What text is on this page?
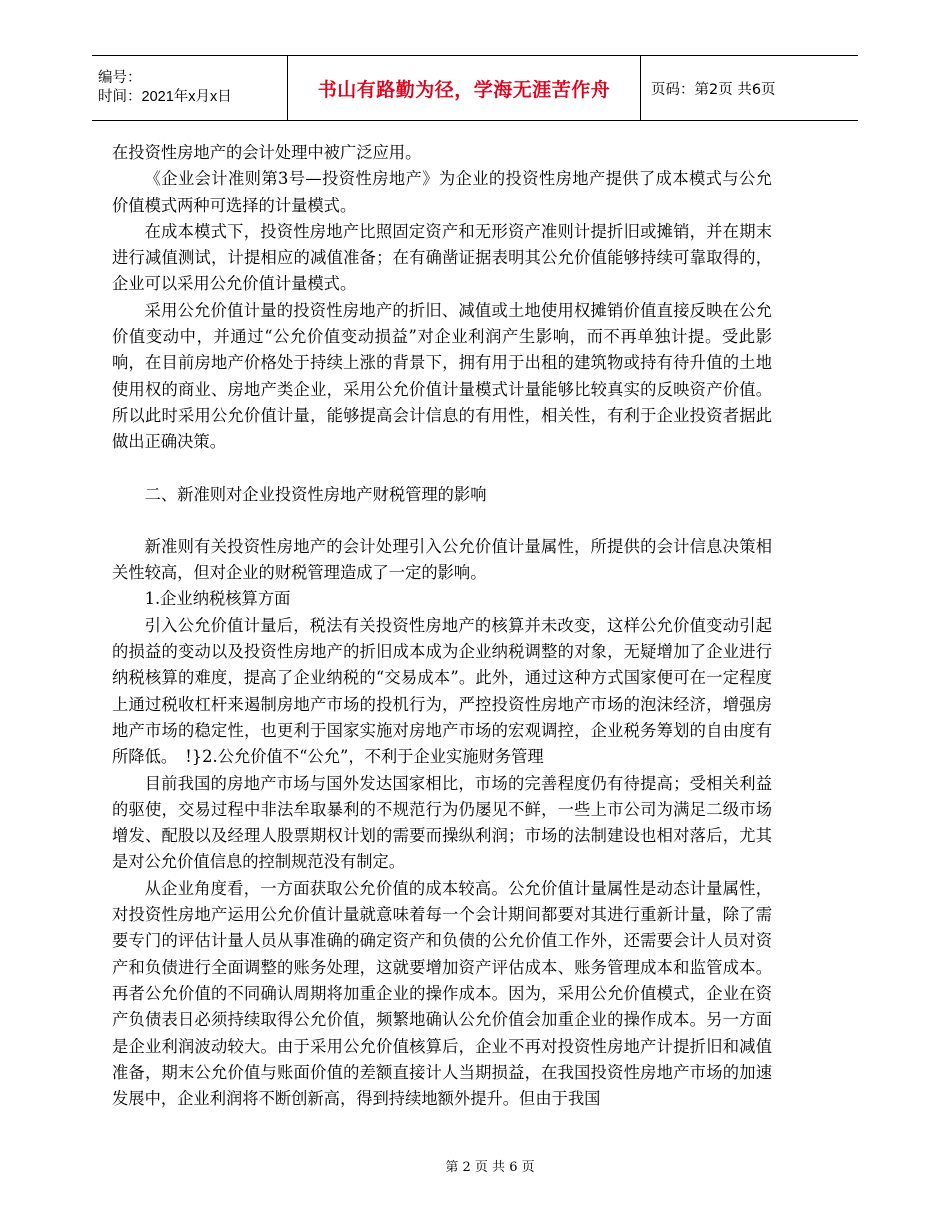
编号：
时间：2021年x月x日	书山有路勤为径，学海无涯苦作舟	页码：第2页 共6页

在投资性房地产的会计处理中被广泛应用。

《企业会计准则第3号—投资性房地产》为企业的投资性房地产提供了成本模式与公允价值模式两种可选择的计量模式。

在成本模式下，投资性房地产比照固定资产和无形资产准则计提折旧或摊销，并在期末进行减值测试，计提相应的减值准备；在有确凿证据表明其公允价值能够持续可靠取得的，企业可以采用公允价值计量模式。

采用公允价值计量的投资性房地产的折旧、减值或土地使用权摊销价值直接反映在公允价值变动中，并通过“公允价值变动损益”对企业利润产生影响，而不再单独计提。受此影响，在目前房地产价格处于持续上涨的背景下，拥有用于出租的建筑物或持有待升值的土地使用权的商业、房地产类企业，采用公允价值计量模式计量能够比较真实的反映资产价值。所以此时采用公允价值计量，能够提高会计信息的有用性，相关性，有利于企业投资者据此做出正确决策。

二、新准则对企业投资性房地产财税管理的影响

新准则有关投资性房地产的会计处理引入公允价值计量属性，所提供的会计信息决策相关性较高，但对企业的财税管理造成了一定的影响。

1.企业纳税核算方面

引入公允价值计量后，税法有关投资性房地产的核算并未改变，这样公允价值变动引起的损益的变动以及投资性房地产的折旧成本成为企业纳税调整的对象，无疑增加了企业进行纳税核算的难度，提高了企业纳税的“交易成本”。此外，通过这种方式国家便可在一定程度上通过税收杠杆来遏制房地产市场的投机行为，严控投资性房地产市场的泡沫经济，增强房地产市场的稳定性，也更利于国家实施对房地产市场的宏观调控，企业税务筹划的自由度有所降低。　!}2.公允价值不“公允”，不利于企业实施财务管理

目前我国的房地产市场与国外发达国家相比，市场的完善程度仍有待提高；受相关利益的驱使，交易过程中非法牟取暴利的不规范行为仍屡见不鲜，一些上市公司为满足二级市场增发、配股以及经理人股票期权计划的需要而操纵利润；市场的法制建设也相对落后，尤其是对公允价值信息的控制规范没有制定。

从企业角度看，一方面获取公允价值的成本较高。公允价值计量属性是动态计量属性，对投资性房地产运用公允价值计量就意味着每一个会计期间都要对其进行重新计量，除了需要专门的评估计量人员从事准确的确定资产和负债的公允价值工作外，还需要会计人员对资产和负债进行全面调整的账务处理，这就要增加资产评估成本、账务管理成本和监管成本。再者公允价值的不同确认周期将加重企业的操作成本。因为，采用公允价值模式，企业在资产负债表日必须持续取得公允价值，频繁地确认公允价值会加重企业的操作成本。另一方面是企业利润波动较大。由于采用公允价值核算后，企业不再对投资性房地产计提折旧和减值准备，期末公允价值与账面价值的差额直接计人当期损益，在我国投资性房地产市场的加速发展中，企业利润将不断创新高，得到持续地额外提升。但由于我国

第 2 页 共 6 页
